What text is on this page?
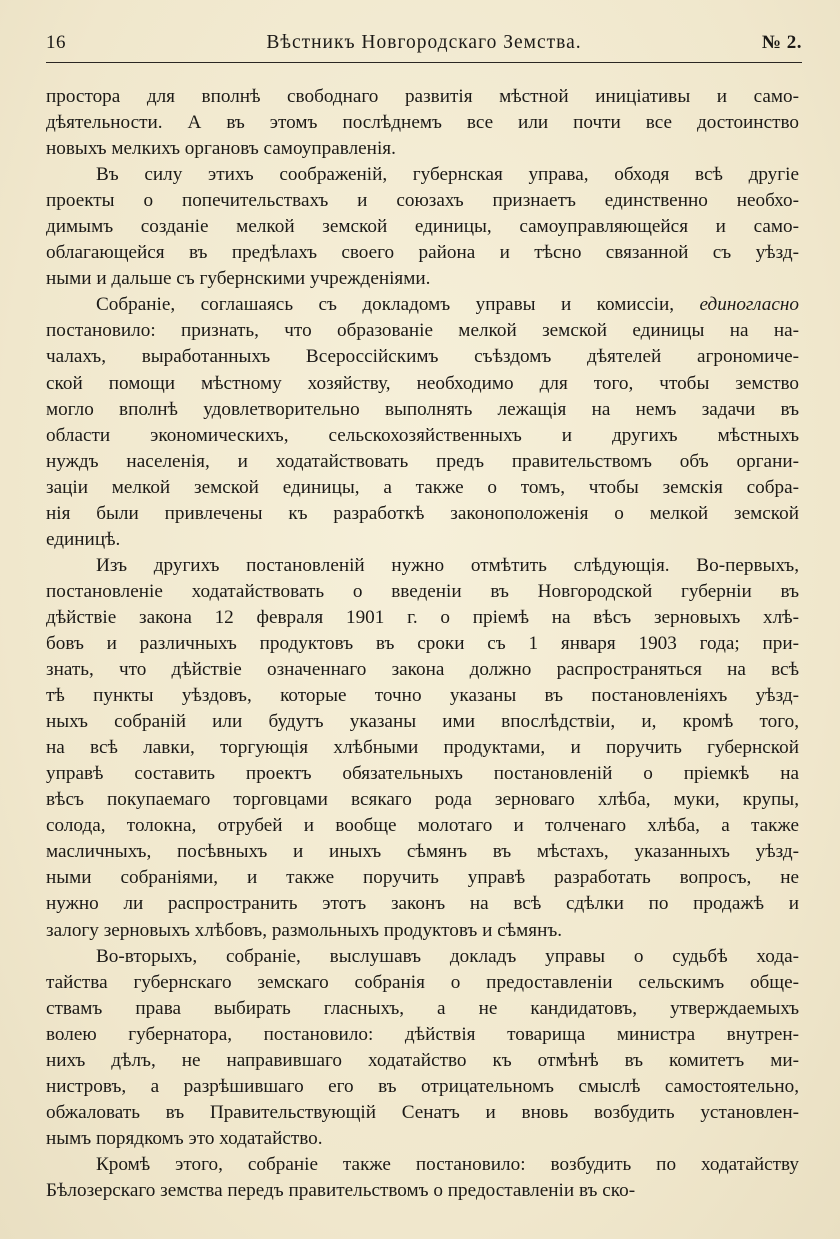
16	Вѣстникъ Новгородскаго Земства.	№ 2.
простора для вполнѣ свободнаго развитія мѣстной иниціативы и само-
дѣятельности. А въ этомъ послѣднемъ все или почти все достоинство
новыхъ мелкихъ органовъ самоуправленія.
Въ силу этихъ соображеній, губернская управа, обходя всѣ другіе
проекты о попечительствахъ и союзахъ признаетъ единственно необхо-
димымъ созданіе мелкой земской единицы, самоуправляющейся и само-
облагающейся въ предѣлахъ своего района и тѣсно связанной съ уѣзд-
ными и дальше съ губернскими учрежденіями.
Собраніе, соглашаясь съ докладомъ управы и комиссіи, единогласно
постановило: признать, что образованіе мелкой земской единицы на на-
чалахъ, выработанныхъ Всероссійскимъ съѣздомъ дѣятелей агрономиче-
ской помощи мѣстному хозяйству, необходимо для того, чтобы земство
могло вполнѣ удовлетворительно выполнять лежащія на немъ задачи въ
области экономическихъ, сельскохозяйственныхъ и другихъ мѣстныхъ
нуждъ населенія, и ходатайствовать предъ правительствомъ объ органи-
заціи мелкой земской единицы, а также о томъ, чтобы земскія собра-
нія были привлечены къ разработкѣ законоположенія о мелкой земской
единицѣ.
Изъ другихъ постановленій нужно отмѣтить слѣдующія. Во-первыхъ,
постановленіе ходатайствовать о введеніи въ Новгородской губерніи въ
дѣйствіе закона 12 февраля 1901 г. о пріемѣ на вѣсъ зерновыхъ хлѣ-
бовъ и различныхъ продуктовъ въ сроки съ 1 января 1903 года; при-
знать, что дѣйствіе означеннаго закона должно распространяться на всѣ
тѣ пункты уѣздовъ, которые точно указаны въ постановленіяхъ уѣзд-
ныхъ собраній или будутъ указаны ими впослѣдствіи, и, кромѣ того,
на всѣ лавки, торгующія хлѣбными продуктами, и поручить губернской
управѣ составить проектъ обязательныхъ постановленій о пріемкѣ на
вѣсъ покупаемаго торговцами всякаго рода зерноваго хлѣба, муки, крупы,
солода, толокна, отрубей и вообще молотаго и толченаго хлѣба, а также
масличныхъ, посѣвныхъ и иныхъ сѣмянъ въ мѣстахъ, указанныхъ уѣзд-
ными собраніями, и также поручить управѣ разработать вопросъ, не
нужно ли распространить этотъ законъ на всѣ сдѣлки по продажѣ и
залогу зерновыхъ хлѣбовъ, размольныхъ продуктовъ и сѣмянъ.
Во-вторыхъ, собраніе, выслушавъ докладъ управы о судьбѣ хода-
тайства губернскаго земскаго собранія о предоставленіи сельскимъ обще-
ствамъ права выбирать гласныхъ, а не кандидатовъ, утверждаемыхъ
волею губернатора, постановило: дѣйствія товарища министра внутрен-
нихъ дѣлъ, не направившаго ходатайство къ отмѣнѣ въ комитетъ ми-
нистровъ, а разрѣшившаго его въ отрицательномъ смыслѣ самостоятельно,
обжаловать въ Правительствующій Сенатъ и вновь возбудить установлен-
нымъ порядкомъ это ходатайство.
Кромѣ этого, собраніе также постановило: возбудить по ходатайству
Бѣлозерскаго земства передъ правительствомъ о предоставленіи въ ско-
